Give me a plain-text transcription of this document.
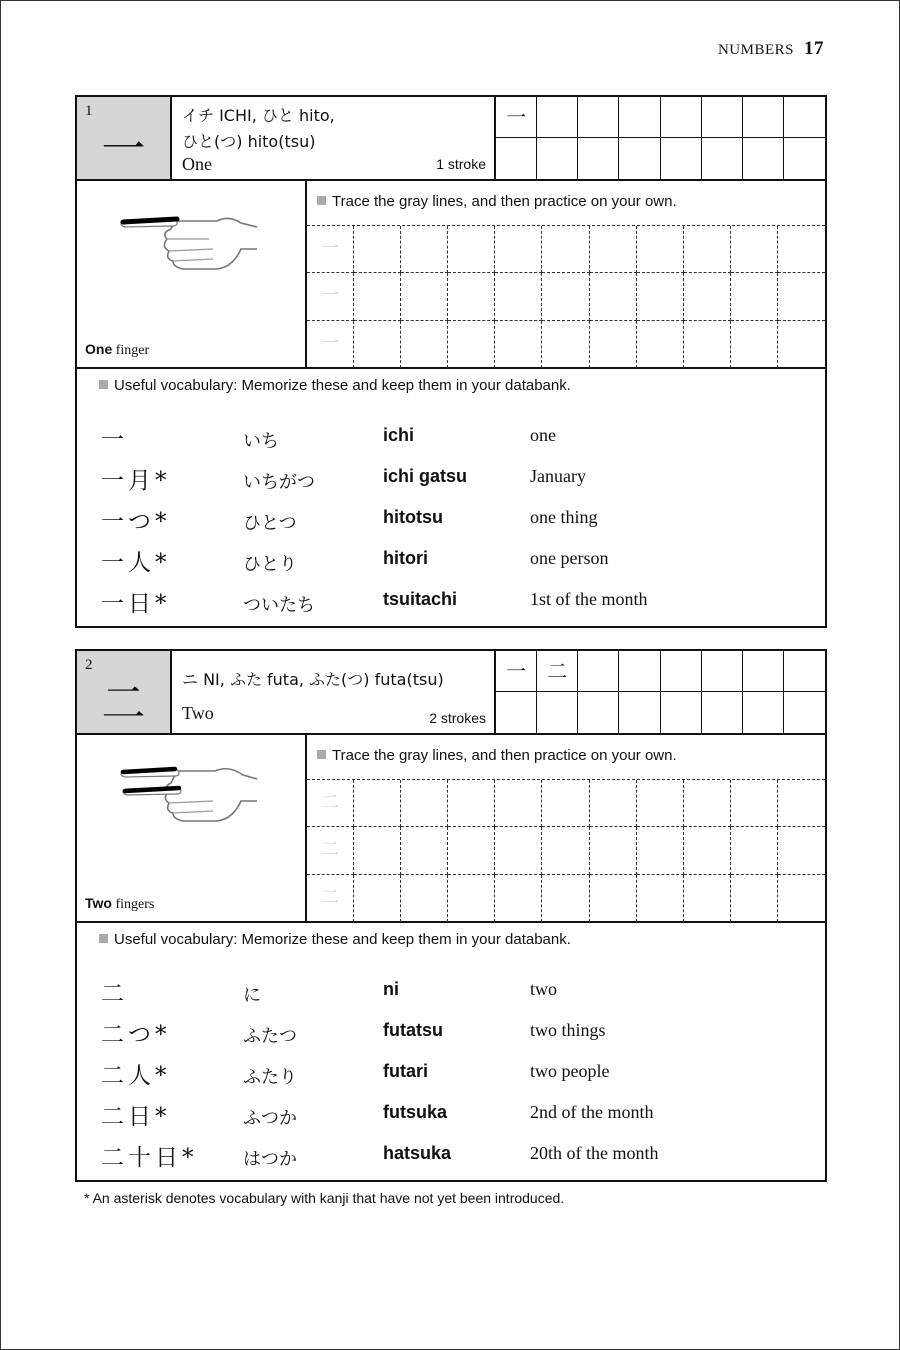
NUMBERS 17
1
一
イチ ICHI, ひと hito,
ひと(つ) hito(tsu)
One	1 stroke
一
One finger
Trace the gray lines, and then practice on your own.
一
一
一
Useful vocabulary: Memorize these and keep them in your databank.
一	いち	ichi	one
一月*	いちがつ	ichi gatsu	January
一つ*	ひとつ	hitotsu	one thing
一人*	ひとり	hitori	one person
一日*	ついたち	tsuitachi	1st of the month
2
二	ニ NI, ふた futa, ふた(つ) futa(tsu)
Two	2 strokes
一	二
Two fingers
Trace the gray lines, and then practice on your own.
二
二
二
Useful vocabulary: Memorize these and keep them in your databank.
二	に	ni	two
二つ*	ふたつ	futatsu	two things
二人*	ふたり	futari	two people
二日*	ふつか	futsuka	2nd of the month
二十日*	はつか	hatsuka	20th of the month
* An asterisk denotes vocabulary with kanji that have not yet been introduced.
